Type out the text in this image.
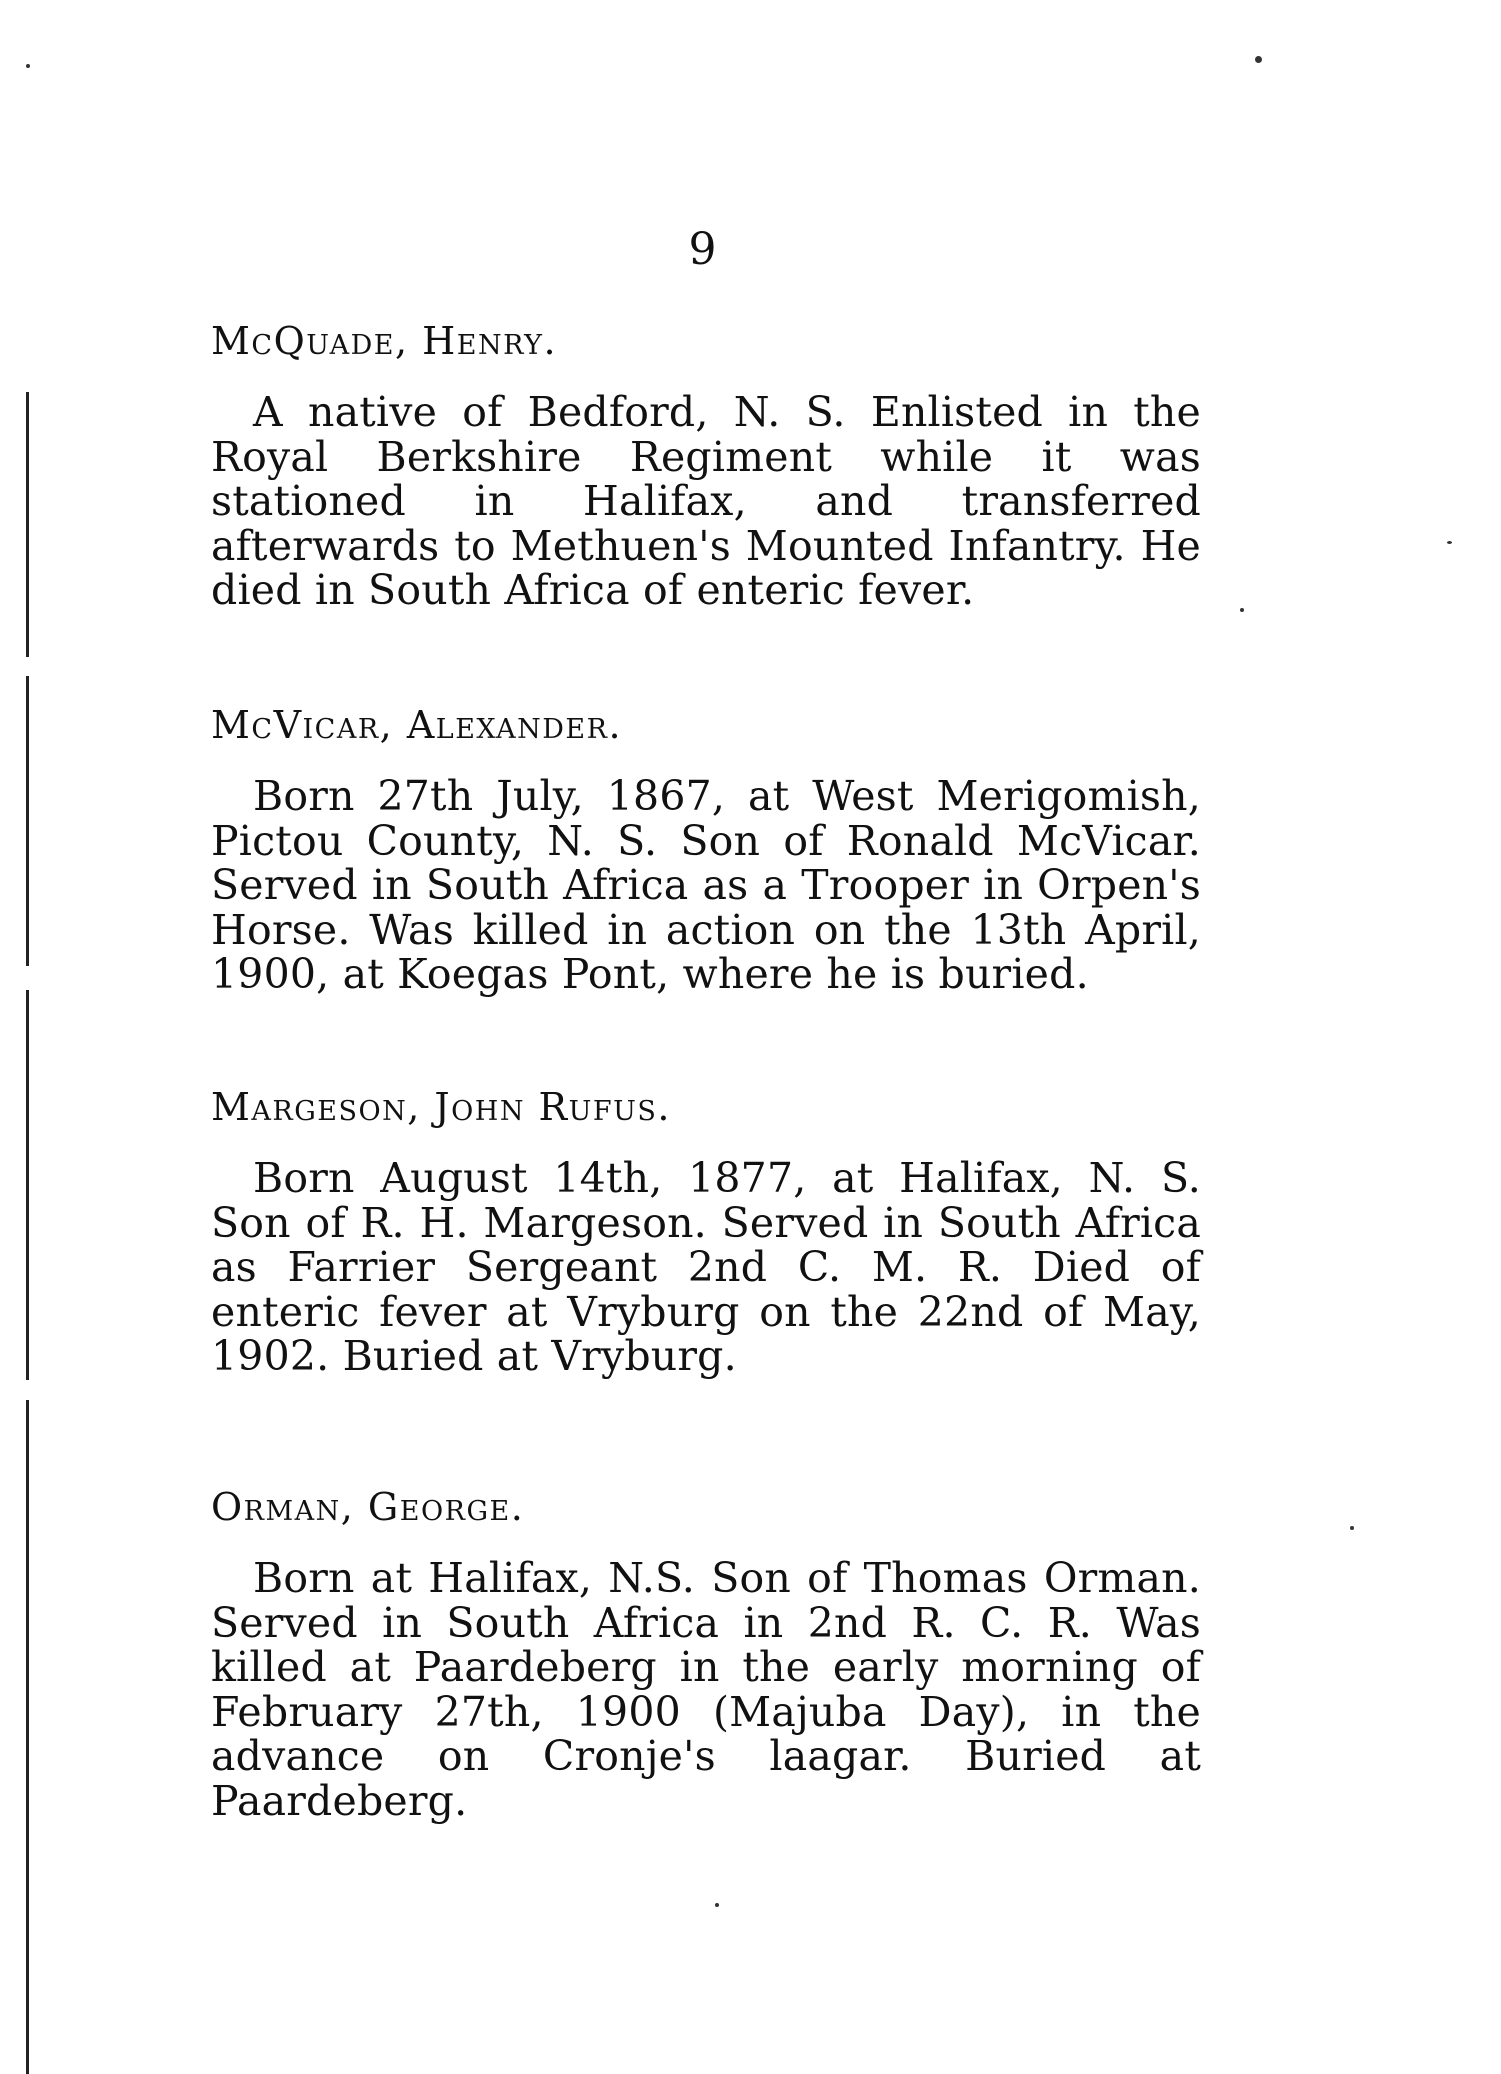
9
McQuade, Henry.

A native of Bedford, N. S. Enlisted in the Royal Berkshire Regiment while it was stationed in Halifax, and transferred afterwards to Methuen's Mounted Infantry. He died in South Africa of enteric fever.

McVicar, Alexander.

Born 27th July, 1867, at West Merigomish, Pictou County, N. S. Son of Ronald McVicar. Served in South Africa as a Trooper in Orpen's Horse. Was killed in action on the 13th April, 1900, at Koegas Pont, where he is buried.

Margeson, John Rufus.

Born August 14th, 1877, at Halifax, N. S. Son of R. H. Margeson. Served in South Africa as Farrier Sergeant 2nd C. M. R. Died of enteric fever at Vryburg on the 22nd of May, 1902. Buried at Vryburg.

Orman, George.

Born at Halifax, N.S. Son of Thomas Orman. Served in South Africa in 2nd R. C. R. Was killed at Paardeberg in the early morning of February 27th, 1900 (Majuba Day), in the advance on Cronje's laagar. Buried at Paardeberg.
